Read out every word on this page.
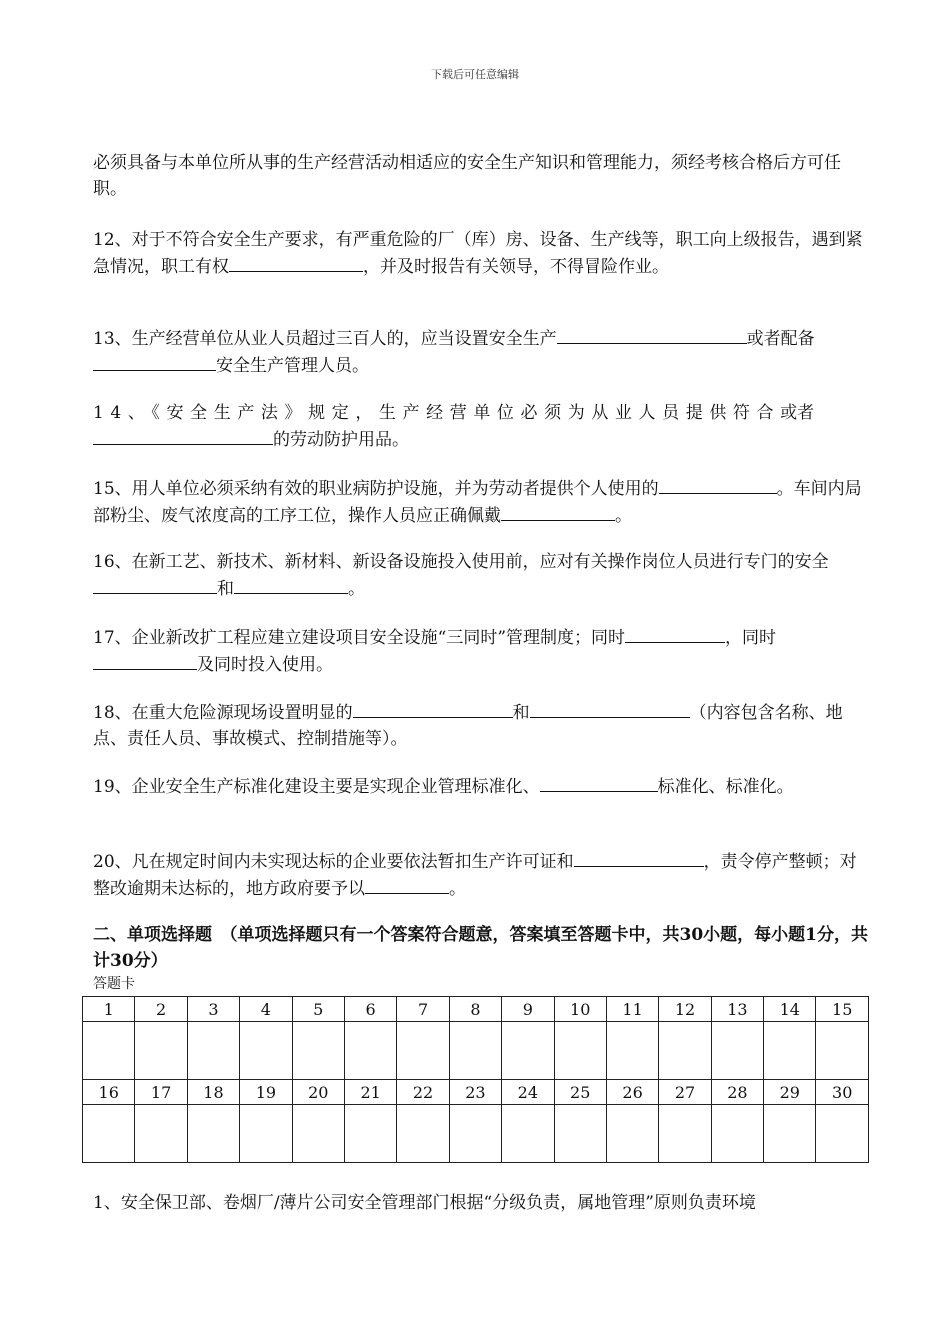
下载后可任意编辑

必须具备与本单位所从事的生产经营活动相适应的安全生产知识和管理能力，须经考核合格后方可任职。

12、对于不符合安全生产要求，有严重危险的厂（库）房、设备、生产线等，职工向上级报告，遇到紧急情况，职工有权	，并及时报告有关领导，不得冒险作业。

13、生产经营单位从业人员超过三百人的，应当设置安全生产	或者配备安全生产管理人员。

14、《安全生产法》规定，生产经营单位必须为从业人员提供符合或者的劳动防护用品。

15、用人单位必须采纳有效的职业病防护设施，并为劳动者提供个人使用的	。车间内局部粉尘、废气浓度高的工序工位，操作人员应正确佩戴	。

16、在新工艺、新技术、新材料、新设备设施投入使用前，应对有关操作岗位人员进行专门的安全和	。

17、企业新改扩工程应建立建设项目安全设施“三同时”管理制度；同时	，同时及同时投入使用。

18、在重大危险源现场设置明显的	和	（内容包含名称、地点、责任人员、事故模式、控制措施等）。

19、企业安全生产标准化建设主要是实现企业管理标准化、	标准化、标准化。

20、凡在规定时间内未实现达标的企业要依法暂扣生产许可证和	，责令停产整顿；对整改逾期未达标的，地方政府要予以	。

二、单项选择题　（单项选择题只有一个答案符合题意，答案填至答题卡中，共30小题，每小题1分，共计30分）
答题卡
1	2	3	4	5	6	7	8	9	10	11	12	13	14	15

16	17	18	19	20	21	22	23	24	25	26	27	28	29	30

1、安全保卫部、卷烟厂/薄片公司安全管理部门根据“分级负责，属地管理”原则负责环境
